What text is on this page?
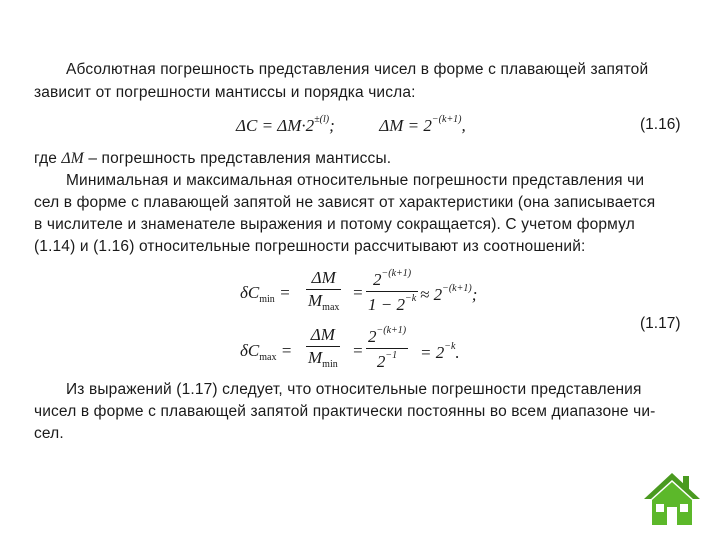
Абсолютная погрешность представления чисел в форме с плавающей запятой
зависит от погрешности мантиссы и порядка числа:
$\Delta C = \Delta M\cdot 2^{\pm(l)}$;	$\Delta M = 2^{-(k+1)}$,	(1.16)
где ΔM – погрешность представления мантиссы.
Минимальная и максимальная относительные погрешности представления чи
сел в форме с плавающей запятой не зависят от характеристики (она записывается
в числителе и знаменателе выражения и потому сокращается). С учетом формул
(1.14) и (1.16) относительные погрешности рассчитывают из соотношений:
$\delta C_{min}$ =
ΔM
$M_{max}$
=
$2^{-(k+1)}$
$1 - 2^{-k} \approx 2^{-(k+1)}$;
(1.17)
$\delta C_{max}$ =
ΔM
$M_{min}$
=
$2^{-(k+1)}$
$2^{-1}$	= $2^{-k}$.
Из выражений (1.17) следует, что относительные погрешности представления
чисел в форме с плавающей запятой практически постоянны во всем диапазоне чи-
сел.
